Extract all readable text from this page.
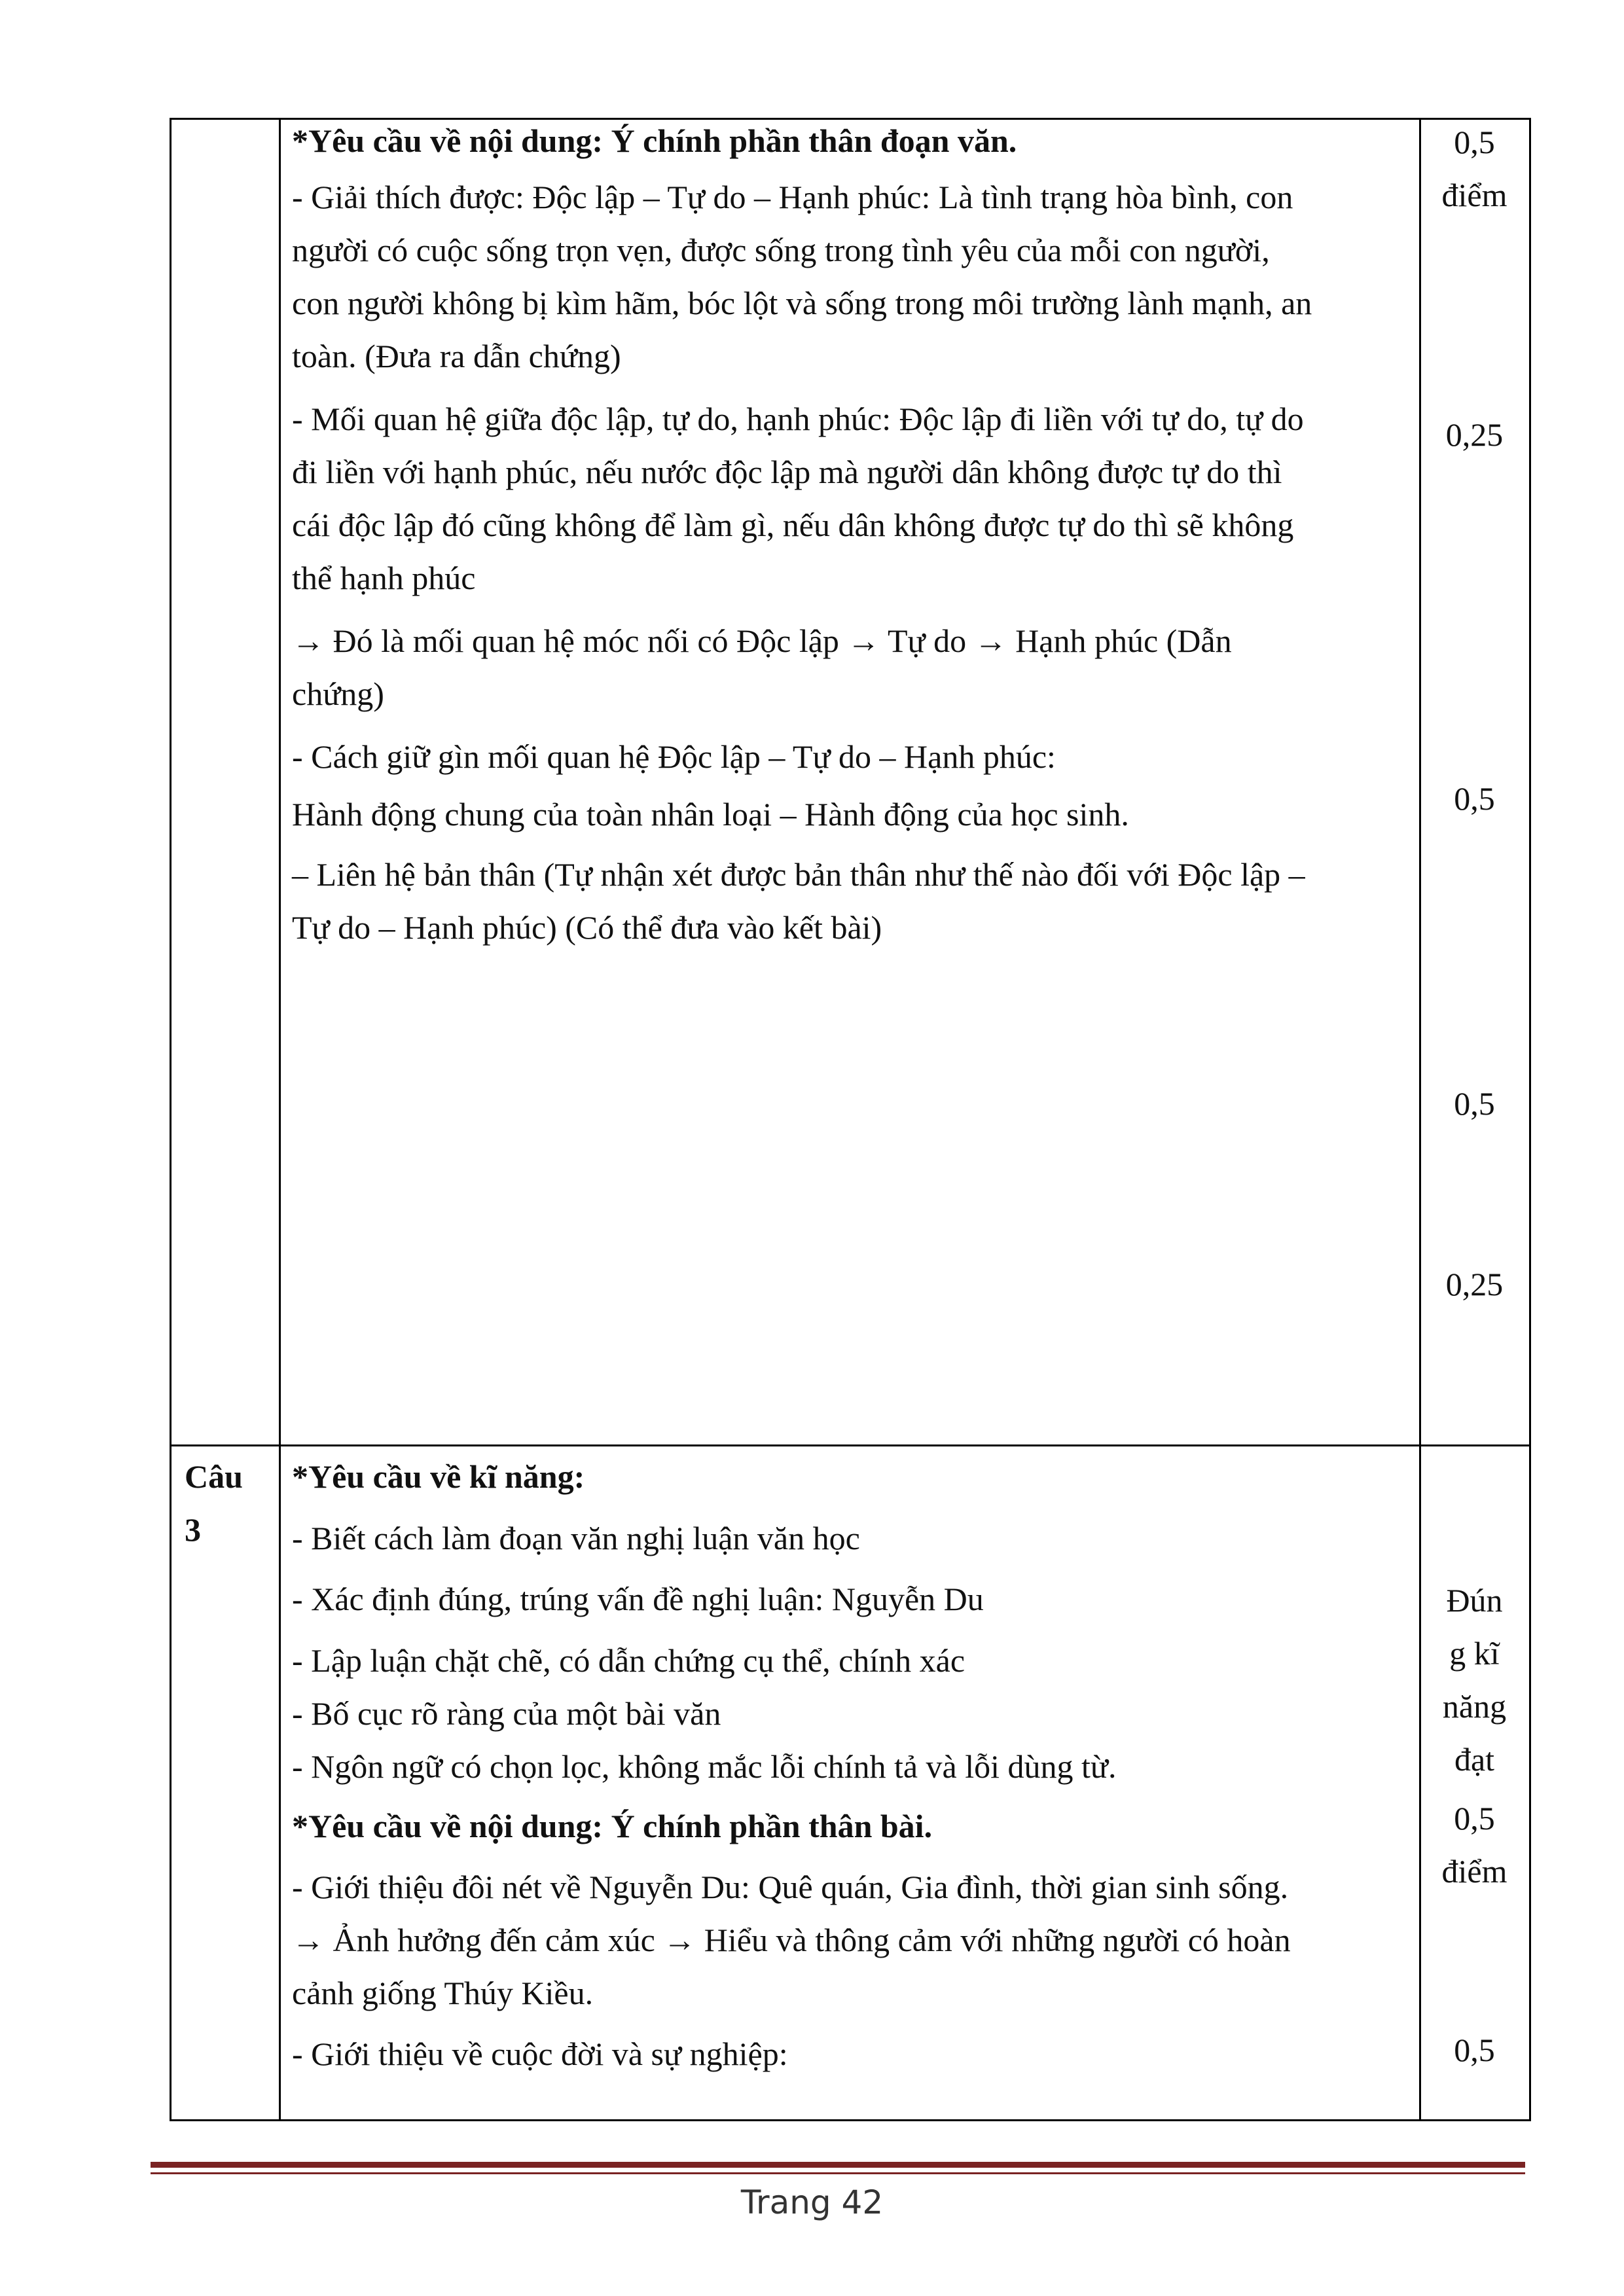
*Yêu cầu về nội dung: Ý chính phần thân đoạn văn.
- Giải thích được: Độc lập – Tự do – Hạnh phúc: Là tình trạng hòa bình, con
người có cuộc sống trọn vẹn, được sống trong tình yêu của mỗi con người,
con người không bị kìm hãm, bóc lột và sống trong môi trường lành mạnh, an
toàn. (Đưa ra dẫn chứng)
- Mối quan hệ giữa độc lập, tự do, hạnh phúc: Độc lập đi liền với tự do, tự do
đi liền với hạnh phúc, nếu nước độc lập mà người dân không được tự do thì
cái độc lập đó cũng không để làm gì, nếu dân không được tự do thì sẽ không
thể hạnh phúc
→ Đó là mối quan hệ móc nối có Độc lập → Tự do → Hạnh phúc (Dẫn
chứng)
- Cách giữ gìn mối quan hệ Độc lập – Tự do – Hạnh phúc:
Hành động chung của toàn nhân loại – Hành động của học sinh.
– Liên hệ bản thân (Tự nhận xét được bản thân như thế nào đối với Độc lập –
Tự do – Hạnh phúc) (Có thể đưa vào kết bài)
0,5
điểm
0,25
0,5
0,5
0,25
Câu
3
*Yêu cầu về kĩ năng:
- Biết cách làm đoạn văn nghị luận văn học
- Xác định đúng, trúng vấn đề nghị luận: Nguyễn Du
- Lập luận chặt chẽ, có dẫn chứng cụ thể, chính xác
- Bố cục rõ ràng của một bài văn
- Ngôn ngữ có chọn lọc, không mắc lỗi chính tả và lỗi dùng từ.
*Yêu cầu về nội dung: Ý chính phần thân bài.
- Giới thiệu đôi nét về Nguyễn Du: Quê quán, Gia đình, thời gian sinh sống.
→ Ảnh hưởng đến cảm xúc → Hiểu và thông cảm với những người có hoàn
cảnh giống Thúy Kiều.
- Giới thiệu về cuộc đời và sự nghiệp:
Đún
g kĩ
năng
đạt
0,5
điểm
0,5
Trang 42
